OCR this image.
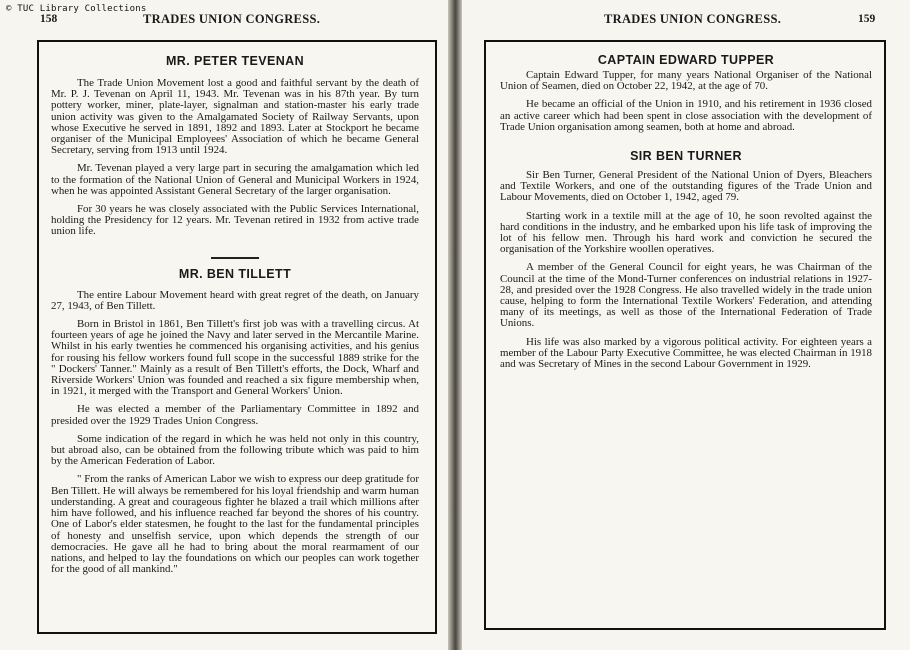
© TUC Library Collections
158	TRADES UNION CONGRESS.
MR. PETER TEVENAN

The Trade Union Movement lost a good and faithful servant by the death of Mr. P. J. Tevenan on April 11, 1943. Mr. Tevenan was in his 87th year. By turn pottery worker, miner, plate-layer, signalman and station-master his early trade union activity was given to the Amalgamated Society of Railway Servants, upon whose Executive he served in 1891, 1892 and 1893. Later at Stockport he became organiser of the Municipal Employees' Association of which he became General Secretary, serving from 1913 until 1924.

Mr. Tevenan played a very large part in securing the amalgamation which led to the formation of the National Union of General and Municipal Workers in 1924, when he was appointed Assistant General Secretary of the larger organisation.

For 30 years he was closely associated with the Public Services International, holding the Presidency for 12 years. Mr. Tevenan retired in 1932 from active trade union life.

MR. BEN TILLETT

The entire Labour Movement heard with great regret of the death, on January 27, 1943, of Ben Tillett.

Born in Bristol in 1861, Ben Tillett's first job was with a travelling circus. At fourteen years of age he joined the Navy and later served in the Mercantile Marine. Whilst in his early twenties he commenced his organising activities, and his genius for rousing his fellow workers found full scope in the successful 1889 strike for the " Dockers' Tanner." Mainly as a result of Ben Tillett's efforts, the Dock, Wharf and Riverside Workers' Union was founded and reached a six figure membership when, in 1921, it merged with the Transport and General Workers' Union.

He was elected a member of the Parliamentary Committee in 1892 and presided over the 1929 Trades Union Congress.

Some indication of the regard in which he was held not only in this country, but abroad also, can be obtained from the following tribute which was paid to him by the American Federation of Labor.

" From the ranks of American Labor we wish to express our deep gratitude for Ben Tillett. He will always be remembered for his loyal friendship and warm human understanding. A great and courageous fighter he blazed a trail which millions after him have followed, and his influence reached far beyond the shores of his country. One of Labor's elder statesmen, he fought to the last for the fundamental principles of honesty and unselfish service, upon which depends the strength of our democracies. He gave all he had to bring about the moral rearmament of our nations, and helped to lay the foundations on which our peoples can work together for the good of all mankind."

TRADES UNION CONGRESS.	159
CAPTAIN EDWARD TUPPER

Captain Edward Tupper, for many years National Organiser of the National Union of Seamen, died on October 22, 1942, at the age of 70.

He became an official of the Union in 1910, and his retirement in 1936 closed an active career which had been spent in close association with the development of Trade Union organisation among seamen, both at home and abroad.

SIR BEN TURNER

Sir Ben Turner, General President of the National Union of Dyers, Bleachers and Textile Workers, and one of the outstanding figures of the Trade Union and Labour Movements, died on October 1, 1942, aged 79.

Starting work in a textile mill at the age of 10, he soon revolted against the hard conditions in the industry, and he embarked upon his life task of improving the lot of his fellow men. Through his hard work and conviction he secured the organisation of the Yorkshire woollen operatives.

A member of the General Council for eight years, he was Chairman of the Council at the time of the Mond-Turner conferences on industrial relations in 1927-28, and presided over the 1928 Congress. He also travelled widely in the trade union cause, helping to form the International Textile Workers' Federation, and attending many of its meetings, as well as those of the International Federation of Trade Unions.

His life was also marked by a vigorous political activity. For eighteen years a member of the Labour Party Executive Committee, he was elected Chairman in 1918 and was Secretary of Mines in the second Labour Government in 1929.
